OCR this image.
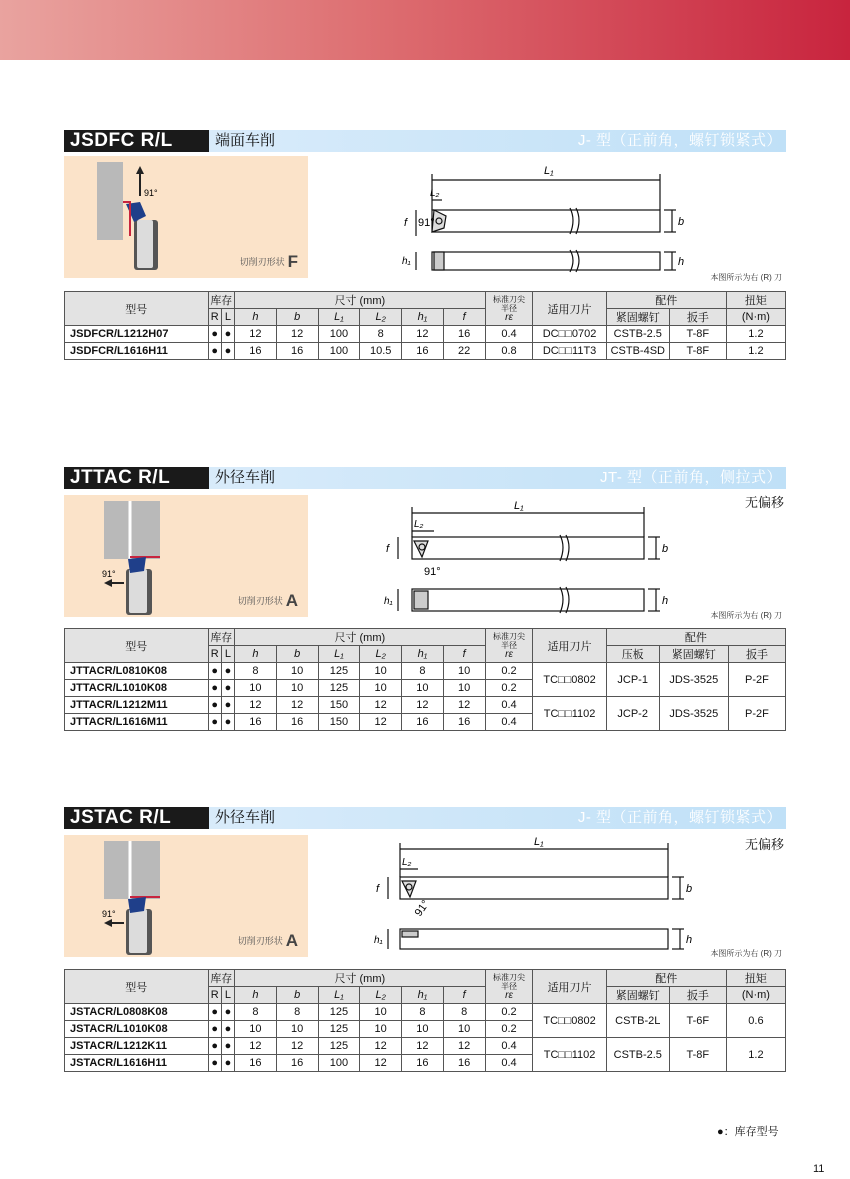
JSDFC R/L	端面车削	J- 型（正前角，螺钉锁紧式）
91°
切削刃形状 F
L₁
L₂
b
h
f
h₁
91°
本图所示为右 (R) 刀
型号	库存		尺寸 (mm)						标准刀尖
半径
rε	适用刀片	配件		扭矩
	R	L	h	b	L₁	L₂	h₁	f			紧固螺钉	扳手	(N·m)
JSDFCR/L1212H07	●	●	12	12	100	8	12	16	0.4	DC□□0702	CSTB-2.5	T-8F	1.2
JSDFCR/L1616H11	●	●	16	16	100	10.5	16	22	0.8	DC□□11T3	CSTB-4SD	T-8F	1.2
JTTAC R/L	外径车削	JT- 型（正前角，侧拉式）
无偏移
91°
切削刃形状 A
L₁
L₂
b
h
f
h₁
91°
本图所示为右 (R) 刀
型号	库存		尺寸 (mm)						标准刀尖
半径
rε	适用刀片	配件		
	R	L	h	b	L₁	L₂	h₁	f			压板	紧固螺钉	扳手
JTTACR/L0810K08	●	●	8	10	125	10	8	10	0.2	TC□□0802	JCP-1	JDS-3525	P-2F
JTTACR/L1010K08	●	●	10	10	125	10	10	10	0.2				
JTTACR/L1212M11	●	●	12	12	150	12	12	12	0.4	TC□□1102	JCP-2	JDS-3525	P-2F
JTTACR/L1616M11	●	●	16	16	150	12	16	16	0.4				
JSTAC R/L	外径车削	J- 型（正前角，螺钉锁紧式）
无偏移
91°
切削刃形状 A
L₁
L₂
b
h
f
h₁
91°
本图所示为右 (R) 刀
型号	库存		尺寸 (mm)						标准刀尖
半径
rε	适用刀片	配件		扭矩
	R	L	h	b	L₁	L₂	h₁	f			紧固螺钉	扳手	(N·m)
JSTACR/L0808K08	●	●	8	8	125	10	8	8	0.2	TC□□0802	CSTB-2L	T-6F	0.6
JSTACR/L1010K08	●	●	10	10	125	10	10	10	0.2				
JSTACR/L1212K11	●	●	12	12	125	12	12	12	0.4	TC□□1102	CSTB-2.5	T-8F	1.2
JSTACR/L1616H11	●	●	16	16	100	12	16	16	0.4				
●：库存型号
11
